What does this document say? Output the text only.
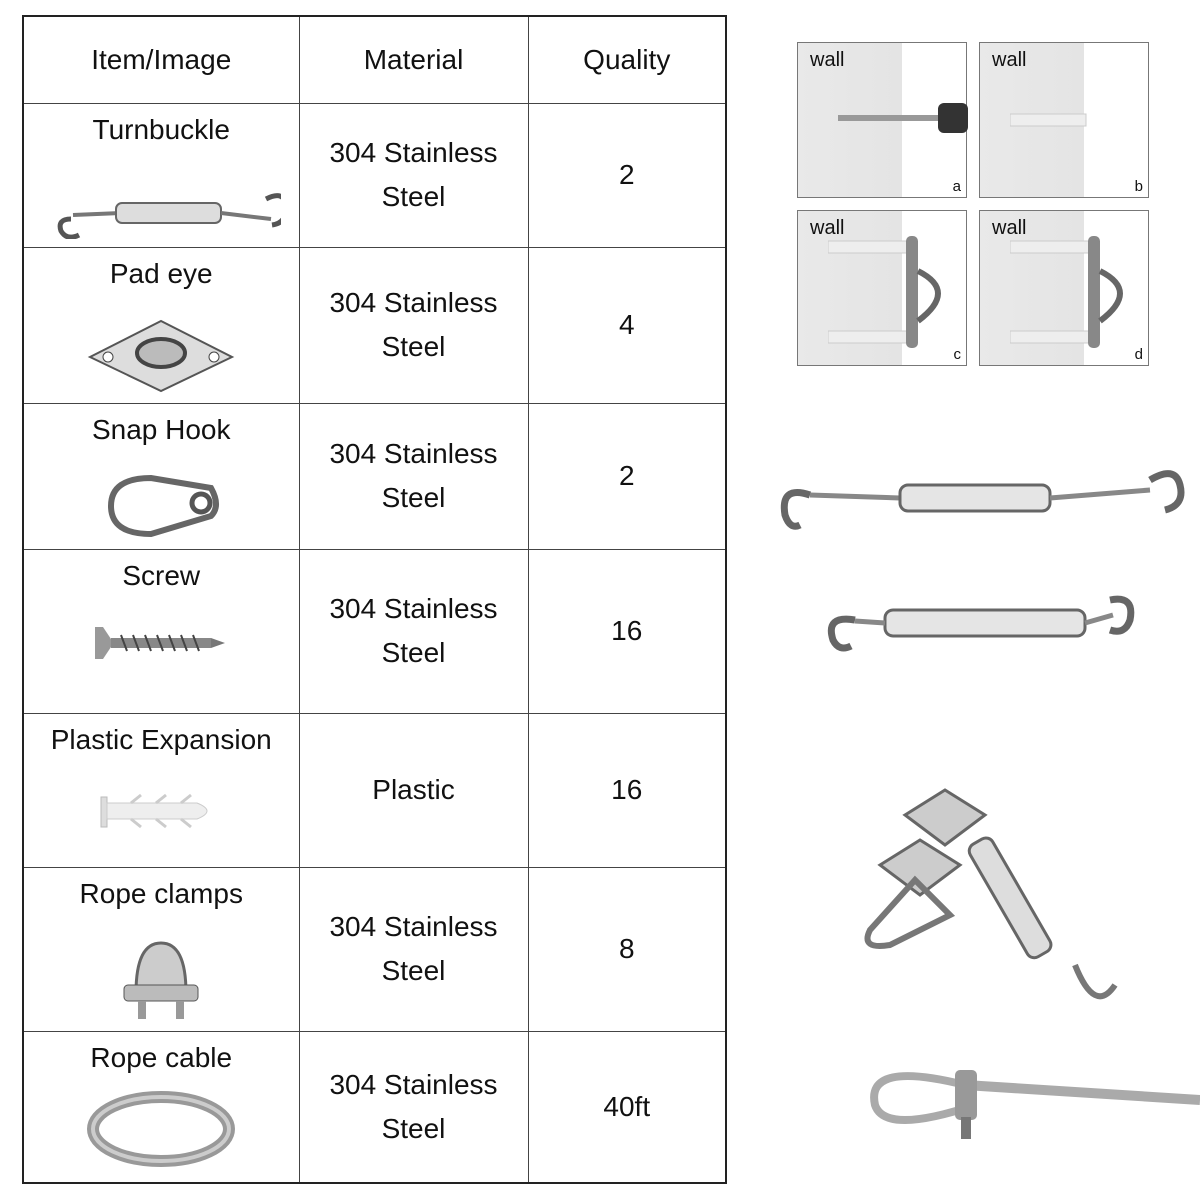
Item/Image	Material	Quality

Turnbuckle	304 Stainless Steel	2

Pad eye	304 Stainless Steel	4

Snap Hook	304 Stainless Steel	2

Screw	304 Stainless Steel	16

Plastic Expansion	Plastic	16

Rope clamps	304 Stainless Steel	8

Rope cable	304 Stainless Steel	40ft
wall
a
wall
b
wall
c
wall
d
